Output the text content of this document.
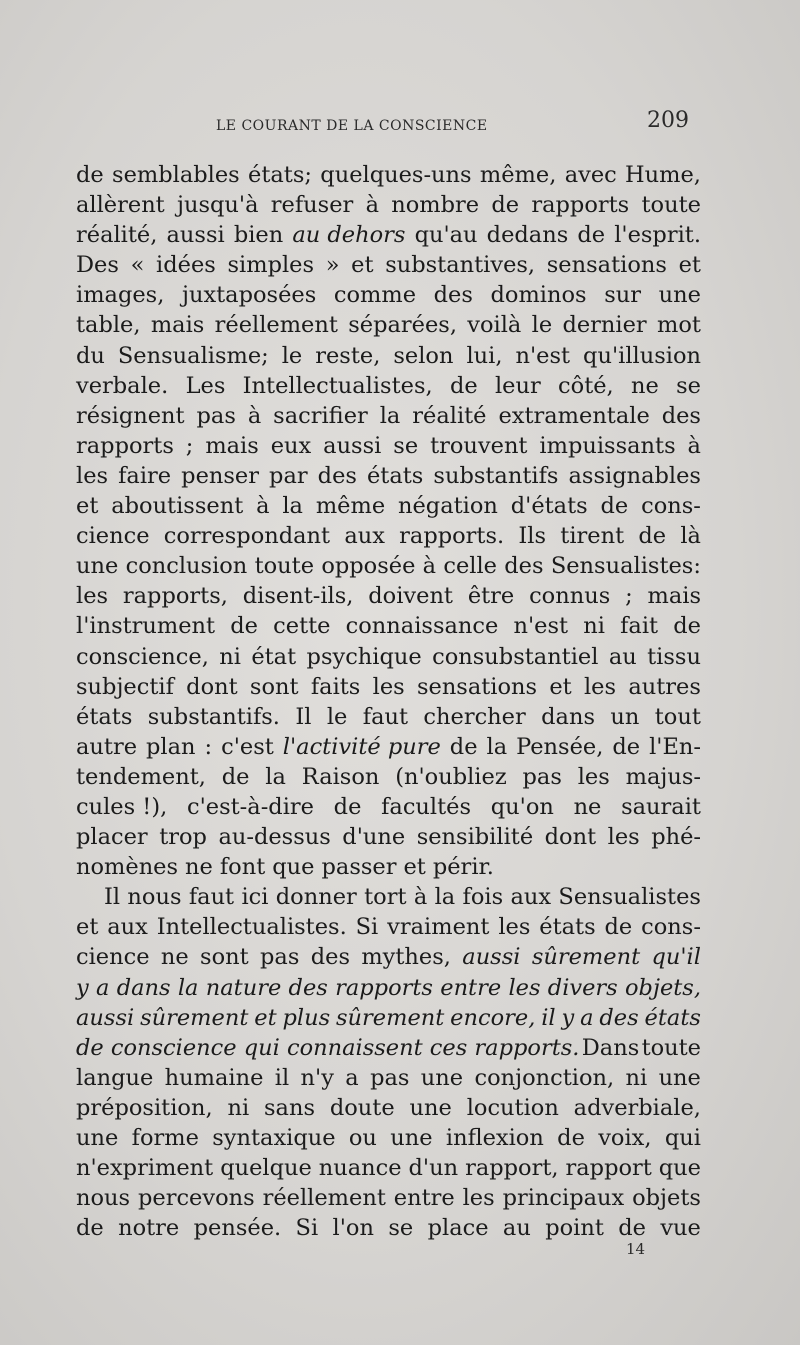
LE COURANT DE LA CONSCIENCE	209
de semblables états; quelques-uns même, avec Hume,
allèrent jusqu'à refuser à nombre de rapports toute
réalité, aussi bien au dehors qu'au dedans de l'esprit.
Des « idées simples » et substantives, sensations et
images, juxtaposées comme des dominos sur une
table, mais réellement séparées, voilà le dernier mot
du Sensualisme; le reste, selon lui, n'est qu'illusion
verbale. Les Intellectualistes, de leur côté, ne se
résignent pas à sacrifier la réalité extramentale des
rapports ; mais eux aussi se trouvent impuissants à
les faire penser par des états substantifs assignables
et aboutissent à la même négation d'états de cons-
cience correspondant aux rapports. Ils tirent de là
une conclusion toute opposée à celle des Sensualistes:
les rapports, disent-ils, doivent être connus ; mais
l'instrument de cette connaissance n'est ni fait de
conscience, ni état psychique consubstantiel au tissu
subjectif dont sont faits les sensations et les autres
états substantifs. Il le faut chercher dans un tout
autre plan : c'est l'activité pure de la Pensée, de l'En-
tendement, de la Raison (n'oubliez pas les majus-
cules !), c'est-à-dire de facultés qu'on ne saurait
placer trop au-dessus d'une sensibilité dont les phé-
nomènes ne font que passer et périr.
Il nous faut ici donner tort à la fois aux Sensualistes
et aux Intellectualistes. Si vraiment les états de cons-
cience ne sont pas des mythes, aussi sûrement qu'il
y a dans la nature des rapports entre les divers objets,
aussi sûrement et plus sûrement encore, il y a des états
de conscience qui connaissent ces rapports. Dans toute
langue humaine il n'y a pas une conjonction, ni une
préposition, ni sans doute une locution adverbiale,
une forme syntaxique ou une inflexion de voix, qui
n'expriment quelque nuance d'un rapport, rapport que
nous percevons réellement entre les principaux objets
de notre pensée. Si l'on se place au point de vue
14
